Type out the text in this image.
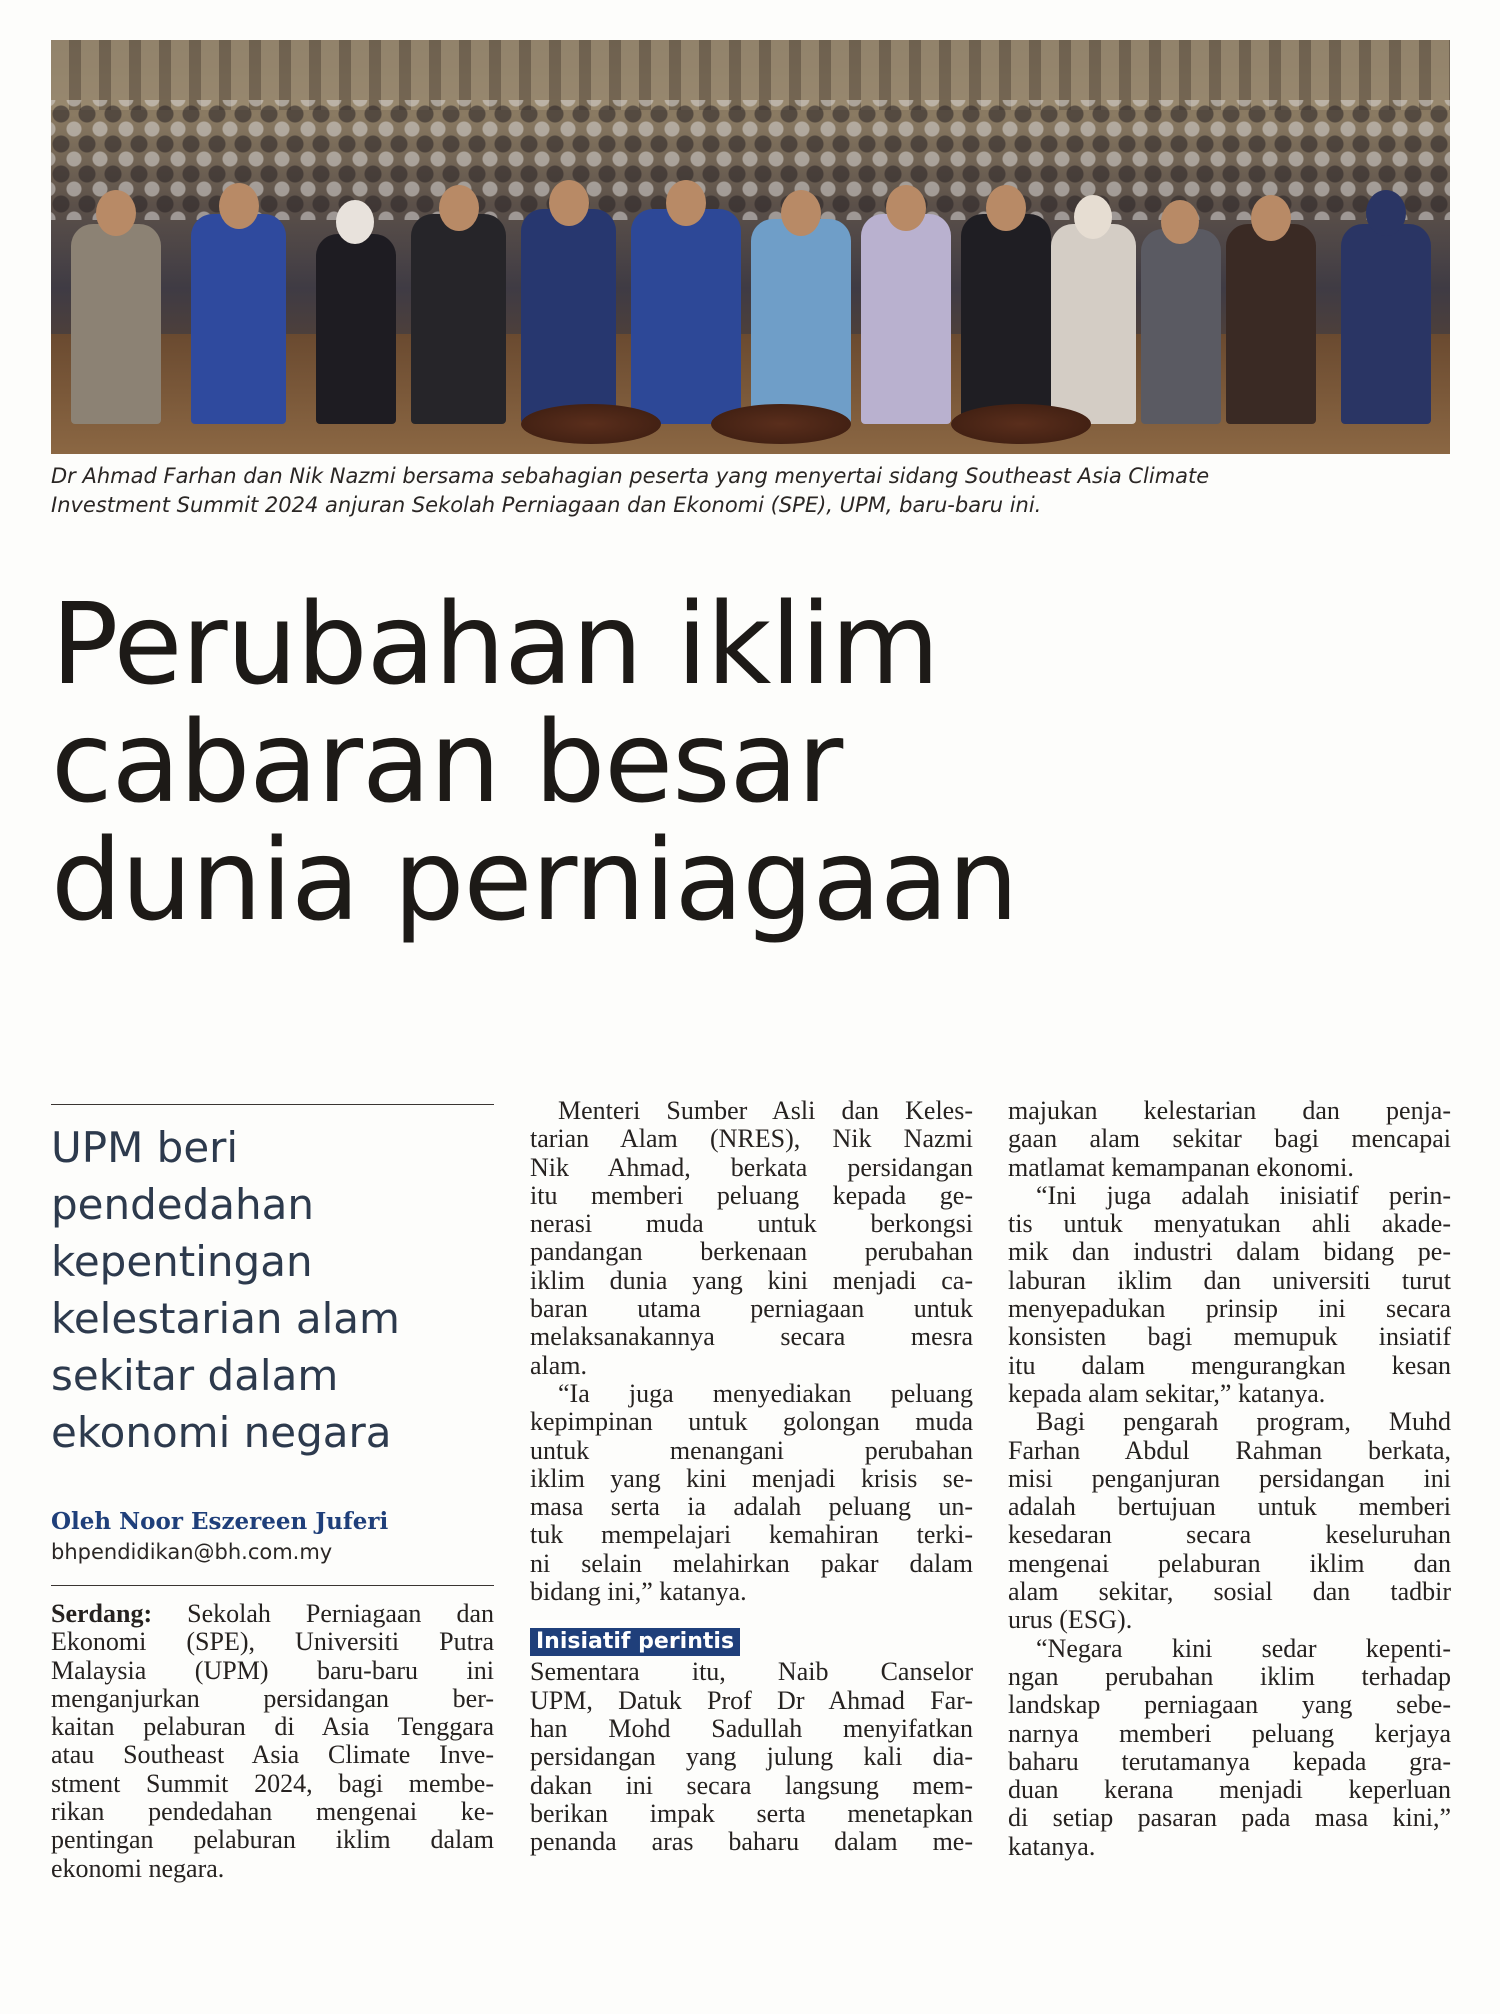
Dr Ahmad Farhan dan Nik Nazmi bersama sebahagian peserta yang menyertai sidang Southeast Asia Climate
Investment Summit 2024 anjuran Sekolah Perniagaan dan Ekonomi (SPE), UPM, baru-baru ini.
Perubahan iklim
cabaran besar
dunia perniagaan
UPM beri
pendedahan
kepentingan
kelestarian alam
sekitar dalam
ekonomi negara
Oleh Noor Eszereen Juferi
bhpendidikan@bh.com.my

Serdang: Sekolah Perniagaan dan
Ekonomi (SPE), Universiti Putra
Malaysia (UPM) baru-baru ini
menganjurkan persidangan ber-
kaitan pelaburan di Asia Tenggara
atau Southeast Asia Climate Inve-
stment Summit 2024, bagi membe-
rikan pendedahan mengenai ke-
pentingan pelaburan iklim dalam
ekonomi negara.

Menteri Sumber Asli dan Keles-
tarian Alam (NRES), Nik Nazmi
Nik Ahmad, berkata persidangan
itu memberi peluang kepada ge-
nerasi muda untuk berkongsi
pandangan berkenaan perubahan
iklim dunia yang kini menjadi ca-
baran utama perniagaan untuk
melaksanakannya secara mesra
alam.

“Ia juga menyediakan peluang
kepimpinan untuk golongan muda
untuk menangani perubahan
iklim yang kini menjadi krisis se-
masa serta ia adalah peluang un-
tuk mempelajari kemahiran terki-
ni selain melahirkan pakar dalam
bidang ini,” katanya.

Inisiatif perintis

Sementara itu, Naib Canselor
UPM, Datuk Prof Dr Ahmad Far-
han Mohd Sadullah menyifatkan
persidangan yang julung kali dia-
dakan ini secara langsung mem-
berikan impak serta menetapkan
penanda aras baharu dalam me-

majukan kelestarian dan penja-
gaan alam sekitar bagi mencapai
matlamat kemampanan ekonomi.

“Ini juga adalah inisiatif perin-
tis untuk menyatukan ahli akade-
mik dan industri dalam bidang pe-
laburan iklim dan universiti turut
menyepadukan prinsip ini secara
konsisten bagi memupuk insiatif
itu dalam mengurangkan kesan
kepada alam sekitar,” katanya.

Bagi pengarah program, Muhd
Farhan Abdul Rahman berkata,
misi penganjuran persidangan ini
adalah bertujuan untuk memberi
kesedaran secara keseluruhan
mengenai pelaburan iklim dan
alam sekitar, sosial dan tadbir
urus (ESG).

“Negara kini sedar kepenti-
ngan perubahan iklim terhadap
landskap perniagaan yang sebe-
narnya memberi peluang kerjaya
baharu terutamanya kepada gra-
duan kerana menjadi keperluan
di setiap pasaran pada masa kini,”
katanya.
